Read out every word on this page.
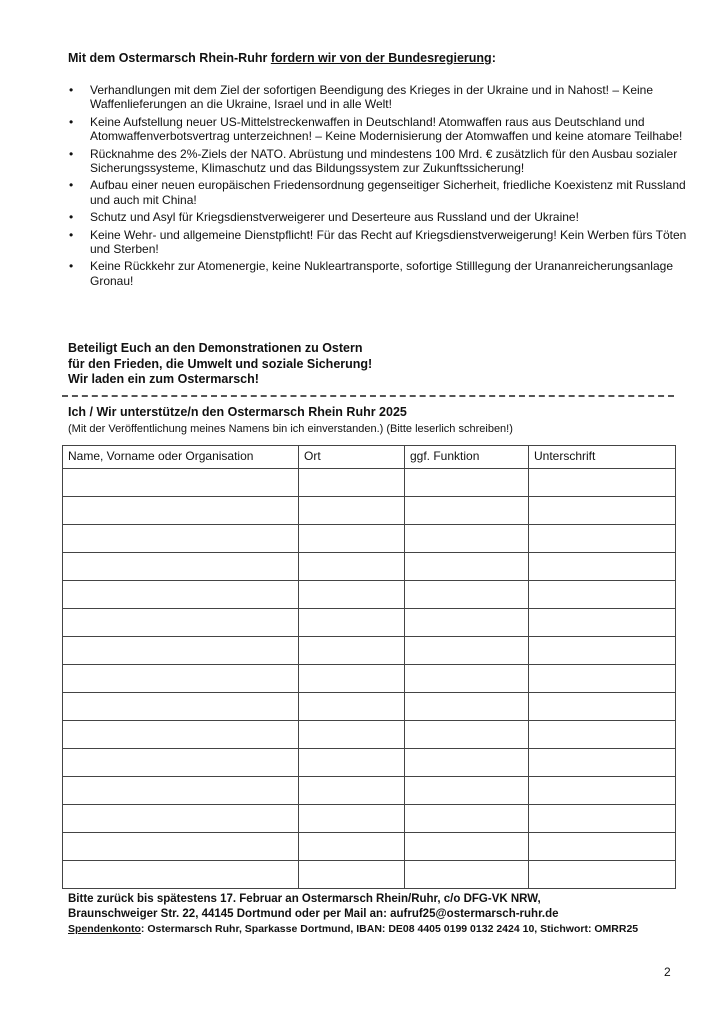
Mit dem Ostermarsch Rhein-Ruhr fordern wir von der Bundesregierung:

• Verhandlungen mit dem Ziel der sofortigen Beendigung des Krieges in der Ukraine und in Nahost! – Keine Waffenlieferungen an die Ukraine, Israel und in alle Welt!
• Keine Aufstellung neuer US-Mittelstreckenwaffen in Deutschland! Atomwaffen raus aus Deutschland und Atomwaffenverbotsvertrag unterzeichnen! – Keine Modernisierung der Atomwaffen und keine atomare Teilhabe!
• Rücknahme des 2%-Ziels der NATO. Abrüstung und mindestens 100 Mrd. € zusätzlich für den Ausbau sozialer Sicherungssysteme, Klimaschutz und das Bildungssystem zur Zukunftssicherung!
• Aufbau einer neuen europäischen Friedensordnung gegenseitiger Sicherheit, friedliche Koexistenz mit Russland und auch mit China!
• Schutz und Asyl für Kriegsdienstverweigerer und Deserteure aus Russland und der Ukraine!
• Keine Wehr- und allgemeine Dienstpflicht! Für das Recht auf Kriegsdienstverweigerung! Kein Werben fürs Töten und Sterben!
• Keine Rückkehr zur Atomenergie, keine Nukleartransporte, sofortige Stilllegung der Urananreicherungsanlage Gronau!

Beteiligt Euch an den Demonstrationen zu Ostern
für den Frieden, die Umwelt und soziale Sicherung!
Wir laden ein zum Ostermarsch!

Ich / Wir unterstütze/n den Ostermarsch Rhein Ruhr 2025

(Mit der Veröffentlichung meines Namens bin ich einverstanden.) (Bitte leserlich schreiben!)

Name, Vorname oder Organisation	Ort	ggf. Funktion	Unterschrift

Bitte zurück bis spätestens 17. Februar an Ostermarsch Rhein/Ruhr, c/o DFG-VK NRW,
Braunschweiger Str. 22, 44145 Dortmund oder per Mail an: aufruf25@ostermarsch-ruhr.de

Spendenkonto: Ostermarsch Ruhr, Sparkasse Dortmund, IBAN: DE08 4405 0199 0132 2424 10, Stichwort: OMRR25

2
